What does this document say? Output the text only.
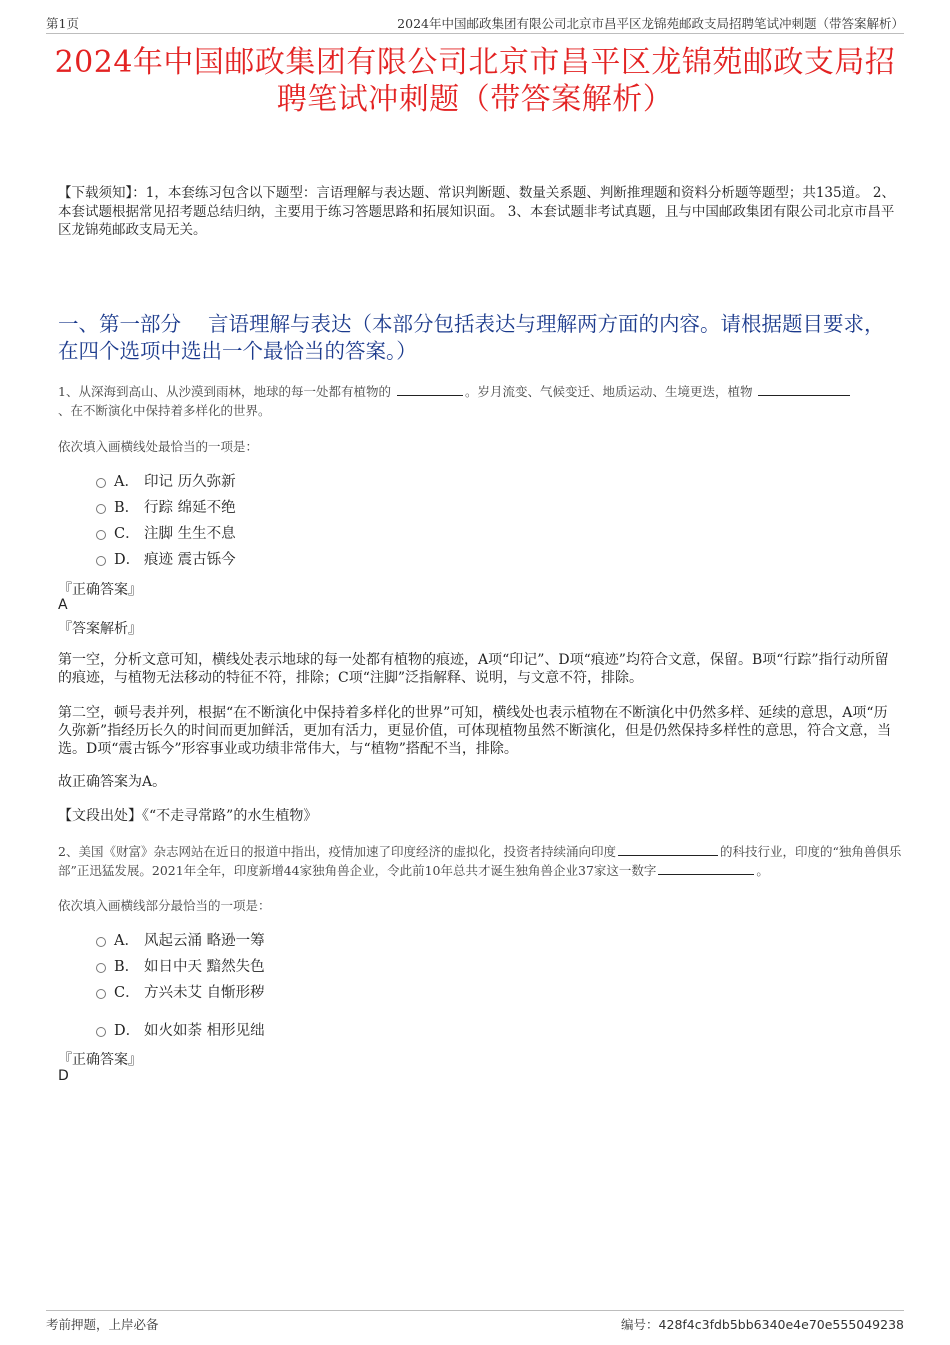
第1页	2024年中国邮政集团有限公司北京市昌平区龙锦苑邮政支局招聘笔试冲刺题（带答案解析）
2024年中国邮政集团有限公司北京市昌平区龙锦苑邮政支局招
聘笔试冲刺题（带答案解析）
【下载须知】：1，本套练习包含以下题型：言语理解与表达题、常识判断题、数量关系题、判断推理题和资料分析题等题型；共135道。 2、本套试题根据常见招考题总结归纳，主要用于练习答题思路和拓展知识面。 3、本套试题非考试真题，且与中国邮政集团有限公司北京市昌平区龙锦苑邮政支局无关。
一、第一部分　 言语理解与表达（本部分包括表达与理解两方面的内容。请根据题目要求，在四个选项中选出一个最恰当的答案。）
1、从深海到高山、从沙漠到雨林，地球的每一处都有植物的	。岁月流变、气候变迁、地质运动、生境更迭，植物
、在不断演化中保持着多样化的世界。
依次填入画横线处最恰当的一项是：
A． 印记 历久弥新
B． 行踪 绵延不绝
C． 注脚 生生不息
D． 痕迹 震古铄今
『正确答案』
A
『答案解析』
第一空，分析文意可知，横线处表示地球的每一处都有植物的痕迹，A项“印记”、D项“痕迹”均符合文意，保留。B项“行踪”指行动所留的痕迹，与植物无法移动的特征不符，排除；C项“注脚”泛指解释、说明，与文意不符，排除。
第二空，顿号表并列，根据“在不断演化中保持着多样化的世界”可知，横线处也表示植物在不断演化中仍然多样、延续的意思，A项“历久弥新”指经历长久的时间而更加鲜活，更加有活力，更显价值，可体现植物虽然不断演化，但是仍然保持多样性的意思，符合文意，当选。D项“震古铄今”形容事业或功绩非常伟大，与“植物”搭配不当，排除。
故正确答案为A。
【文段出处】《“不走寻常路”的水生植物》
2、美国《财富》杂志网站在近日的报道中指出，疫情加速了印度经济的虚拟化，投资者持续涌向印度	的科技行业，印度的“独角兽俱乐部”正迅猛发展。2021年全年，印度新增44家独角兽企业，令此前10年总共才诞生独角兽企业37家这一数字	。
依次填入画横线部分最恰当的一项是：
A． 风起云涌 略逊一筹
B． 如日中天 黯然失色
C． 方兴未艾 自惭形秽
D． 如火如荼 相形见绌
『正确答案』
D
考前押题，上岸必备	编号：428f4c3fdb5bb6340e4e70e555049238
